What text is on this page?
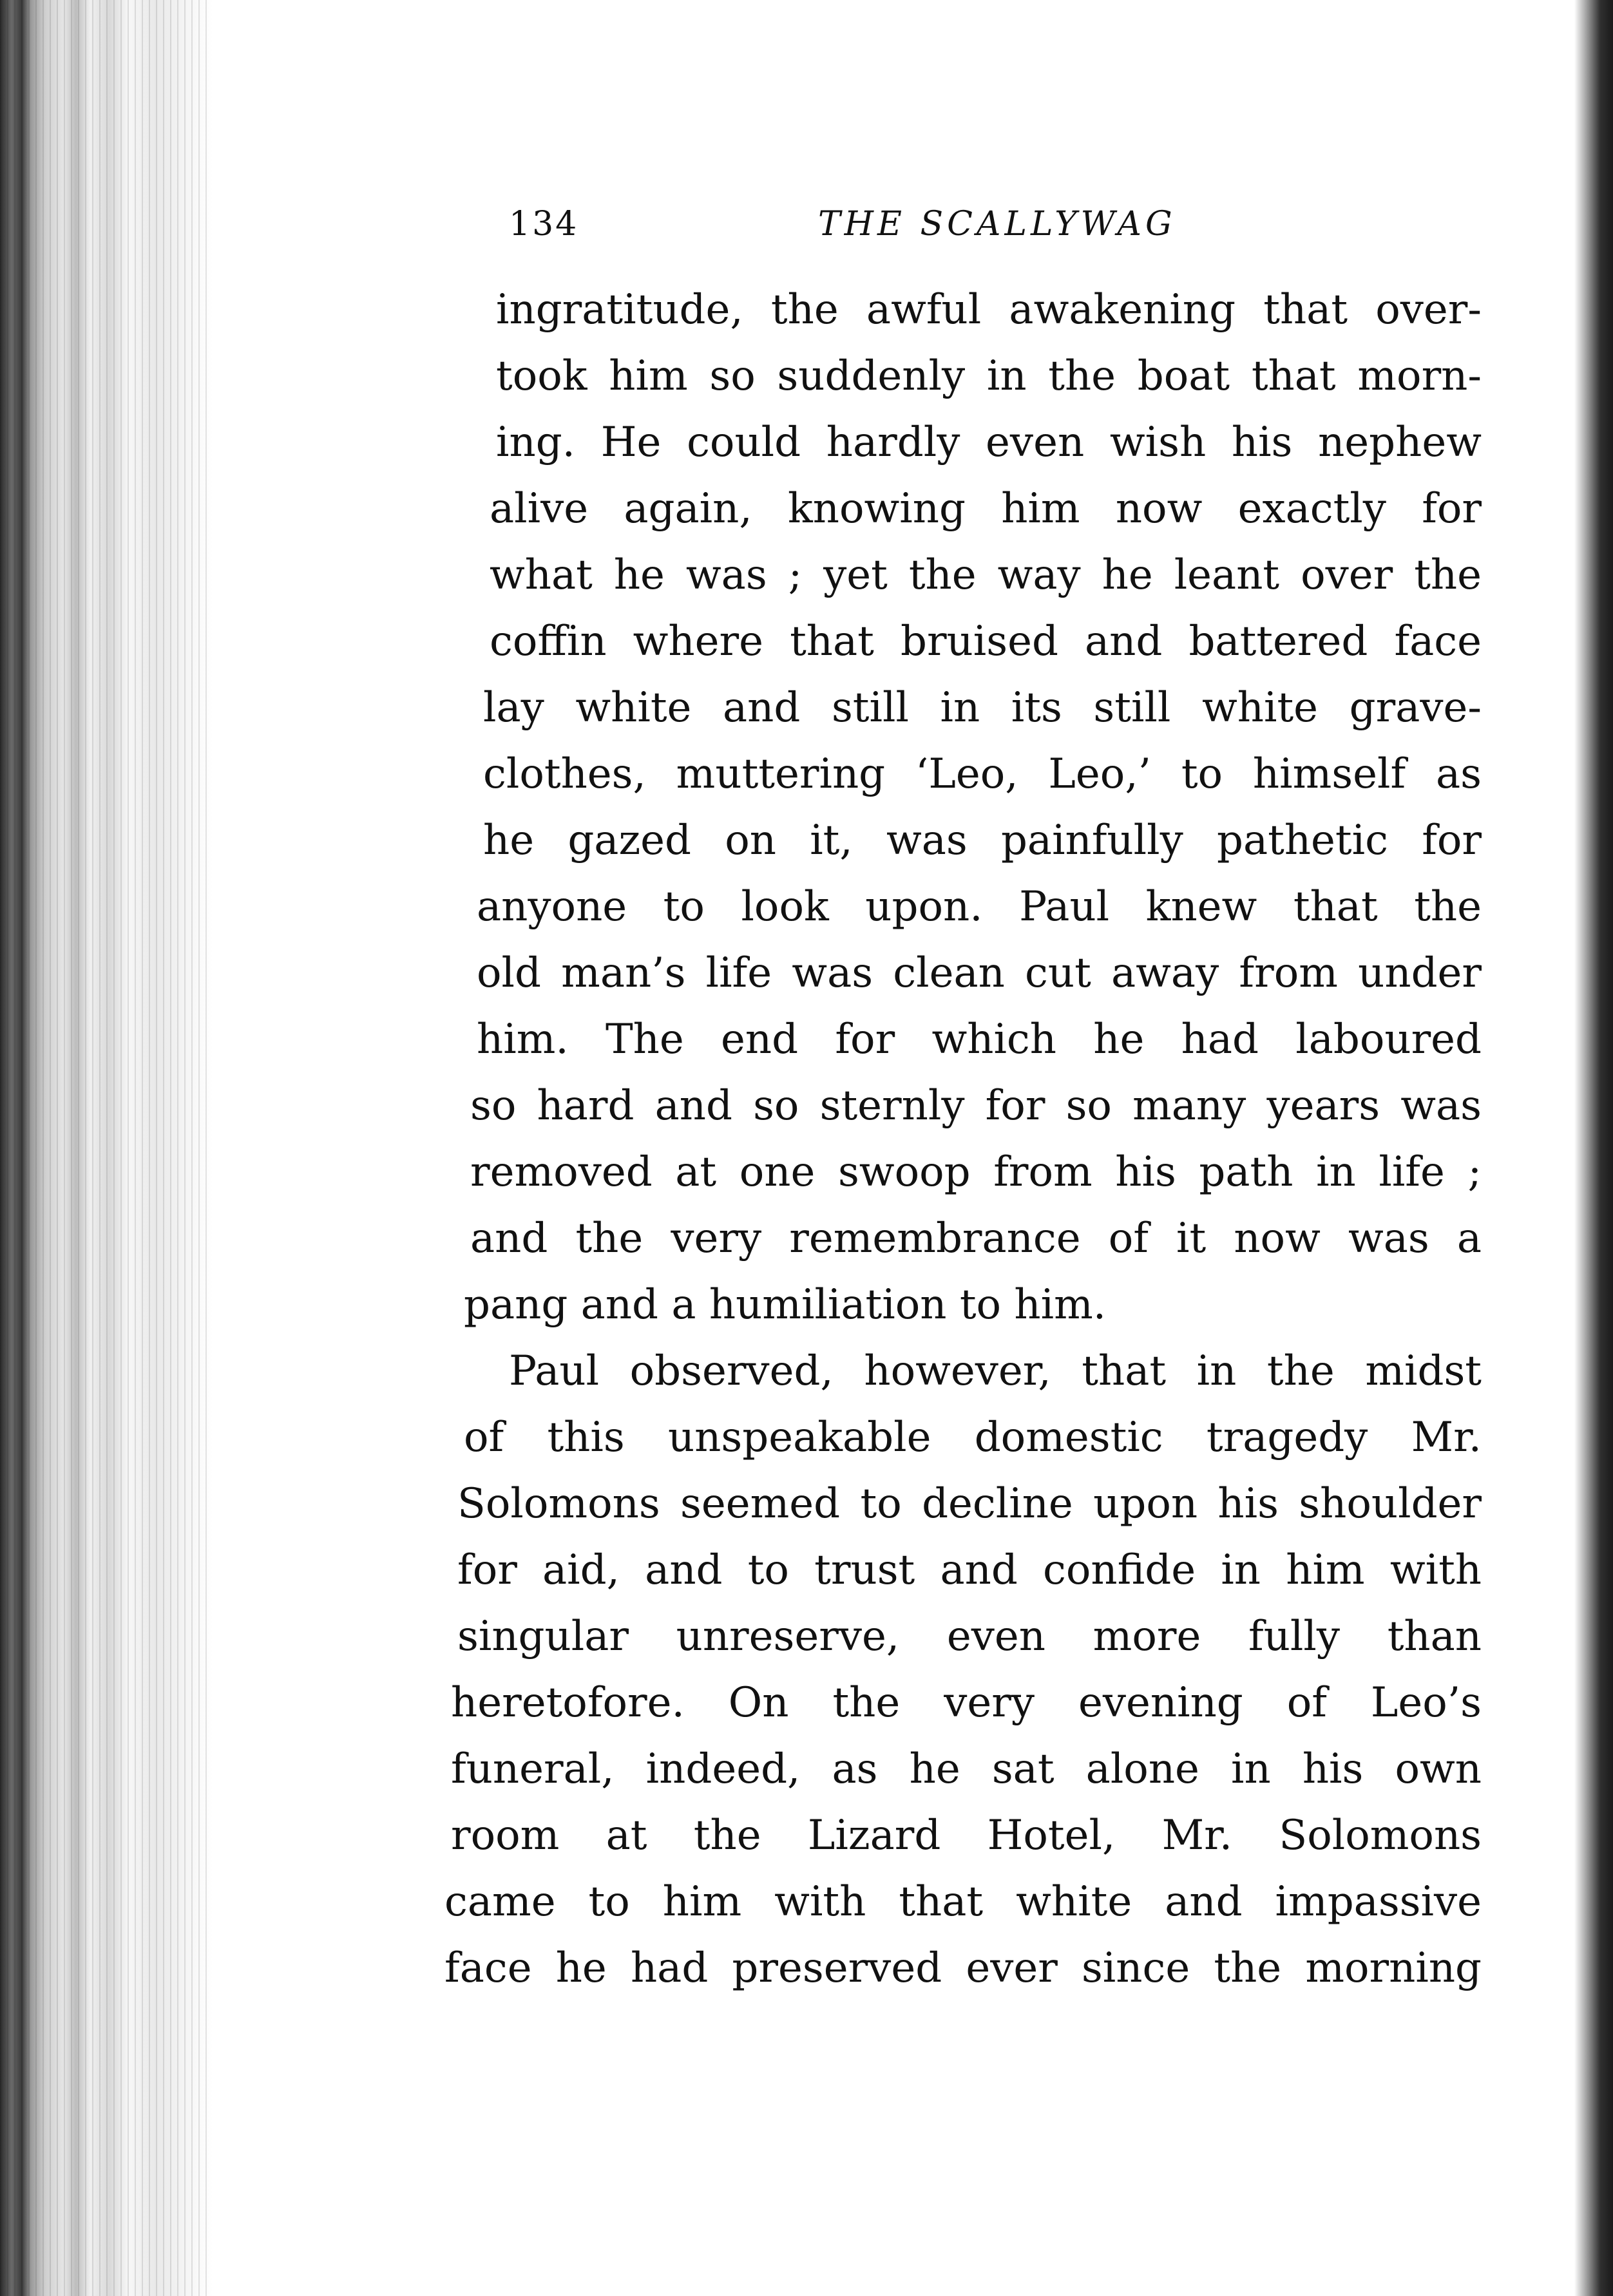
134	THE SCALLYWAG
ingratitude, the awful awakening that over-
took him so suddenly in the boat that morn-
ing. He could hardly even wish his nephew
alive again, knowing him now exactly for
what he was ; yet the way he leant over the
coffin where that bruised and battered face
lay white and still in its still white grave-
clothes, muttering ‘Leo, Leo,’ to himself as
he gazed on it, was painfully pathetic for
anyone to look upon. Paul knew that the
old man’s life was clean cut away from under
him. The end for which he had laboured
so hard and so sternly for so many years was
removed at one swoop from his path in life ;
and the very remembrance of it now was a
pang and a humiliation to him.
Paul observed, however, that in the midst
of this unspeakable domestic tragedy Mr.
Solomons seemed to decline upon his shoulder
for aid, and to trust and confide in him with
singular unreserve, even more fully than
heretofore. On the very evening of Leo’s
funeral, indeed, as he sat alone in his own
room at the Lizard Hotel, Mr. Solomons
came to him with that white and impassive
face he had preserved ever since the morning
